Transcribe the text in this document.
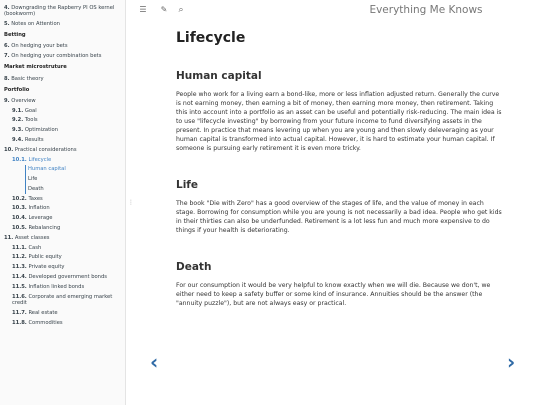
4. Downgrading the Rapberry PI OS kernel (bookworm)
5. Notes on Attention
Betting
6. On hedging your bets
7. On hedging your combination bets
Market microstruture
8. Basic theory
Portfolio
9. Overview
9.1. Goal
9.2. Tools
9.3. Optimization
9.4. Results
10. Practical considerations
10.1. Lifecycle
Human capital
Life
Death
10.2. Taxes
10.3. Inflation
10.4. Leverage
10.5. Rebalancing
11. Asset classes
11.1. Cash
11.2. Public equity
11.3. Private equity
11.4. Developed government bonds
11.5. Inflation linked bonds
11.6. Corporate and emerging market credit
11.7. Real estate
11.8. Commodities
⋮
☰ ✎ ⌕	Everything Me Knows
Lifecycle
Human capital

People who work for a living earn a bond-like, more or less inflation adjusted return. Generally the curve is not earning money, then earning a bit of money, then earning more money, then retirement. Taking this into account into a portfolio as an asset can be useful and potentially risk-reducing. The main idea is to use "lifecycle investing" by borrowing from your future income to fund diversifying assets in the present. In practice that means levering up when you are young and then slowly deleveraging as your human capital is transformed into actual capital. However, it is hard to estimate your human capital. If someone is pursuing early retirement it is even more tricky.

Life

The book "Die with Zero" has a good overview of the stages of life, and the value of money in each stage. Borrowing for consumption while you are young is not necessarily a bad idea. People who get kids in their thirties can also be underfunded. Retirement is a lot less fun and much more expensive to do things if your health is deteriorating.

Death

For our consumption it would be very helpful to know exactly when we will die. Because we don't, we either need to keep a safety buffer or some kind of insurance. Annuities should be the answer (the "annuity puzzle"), but are not always easy or practical.

‹	›
